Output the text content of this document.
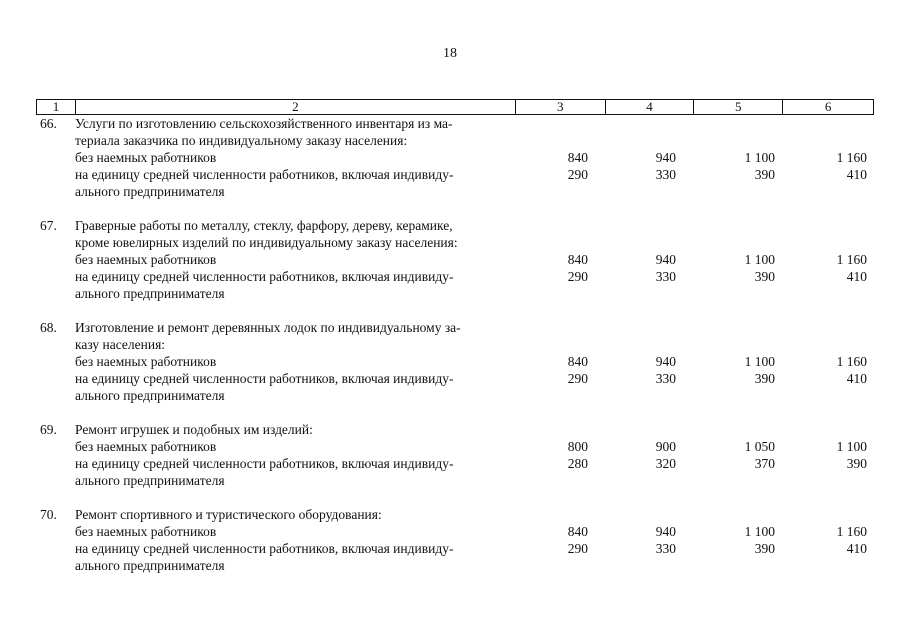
18
1	2	3	4	5	6
66.	Услуги по изготовлению сельскохозяйственного инвентаря из ма-
териала заказчика по индивидуальному заказу населения:
без наемных работников	840	940	1 100	1 160
на единицу средней численности работников, включая индивиду-	290	330	390	410
ального предпринимателя
67.	Граверные работы по металлу, стеклу, фарфору, дереву, керамике,
кроме ювелирных изделий по индивидуальному заказу населения:
без наемных работников	840	940	1 100	1 160
на единицу средней численности работников, включая индивиду-	290	330	390	410
ального предпринимателя
68.	Изготовление и ремонт деревянных лодок по индивидуальному за-
казу населения:
без наемных работников	840	940	1 100	1 160
на единицу средней численности работников, включая индивиду-	290	330	390	410
ального предпринимателя
69.	Ремонт игрушек и подобных им изделий:
без наемных работников	800	900	1 050	1 100
на единицу средней численности работников, включая индивиду-	280	320	370	390
ального предпринимателя
70.	Ремонт спортивного и туристического оборудования:
без наемных работников	840	940	1 100	1 160
на единицу средней численности работников, включая индивиду-	290	330	390	410
ального предпринимателя
